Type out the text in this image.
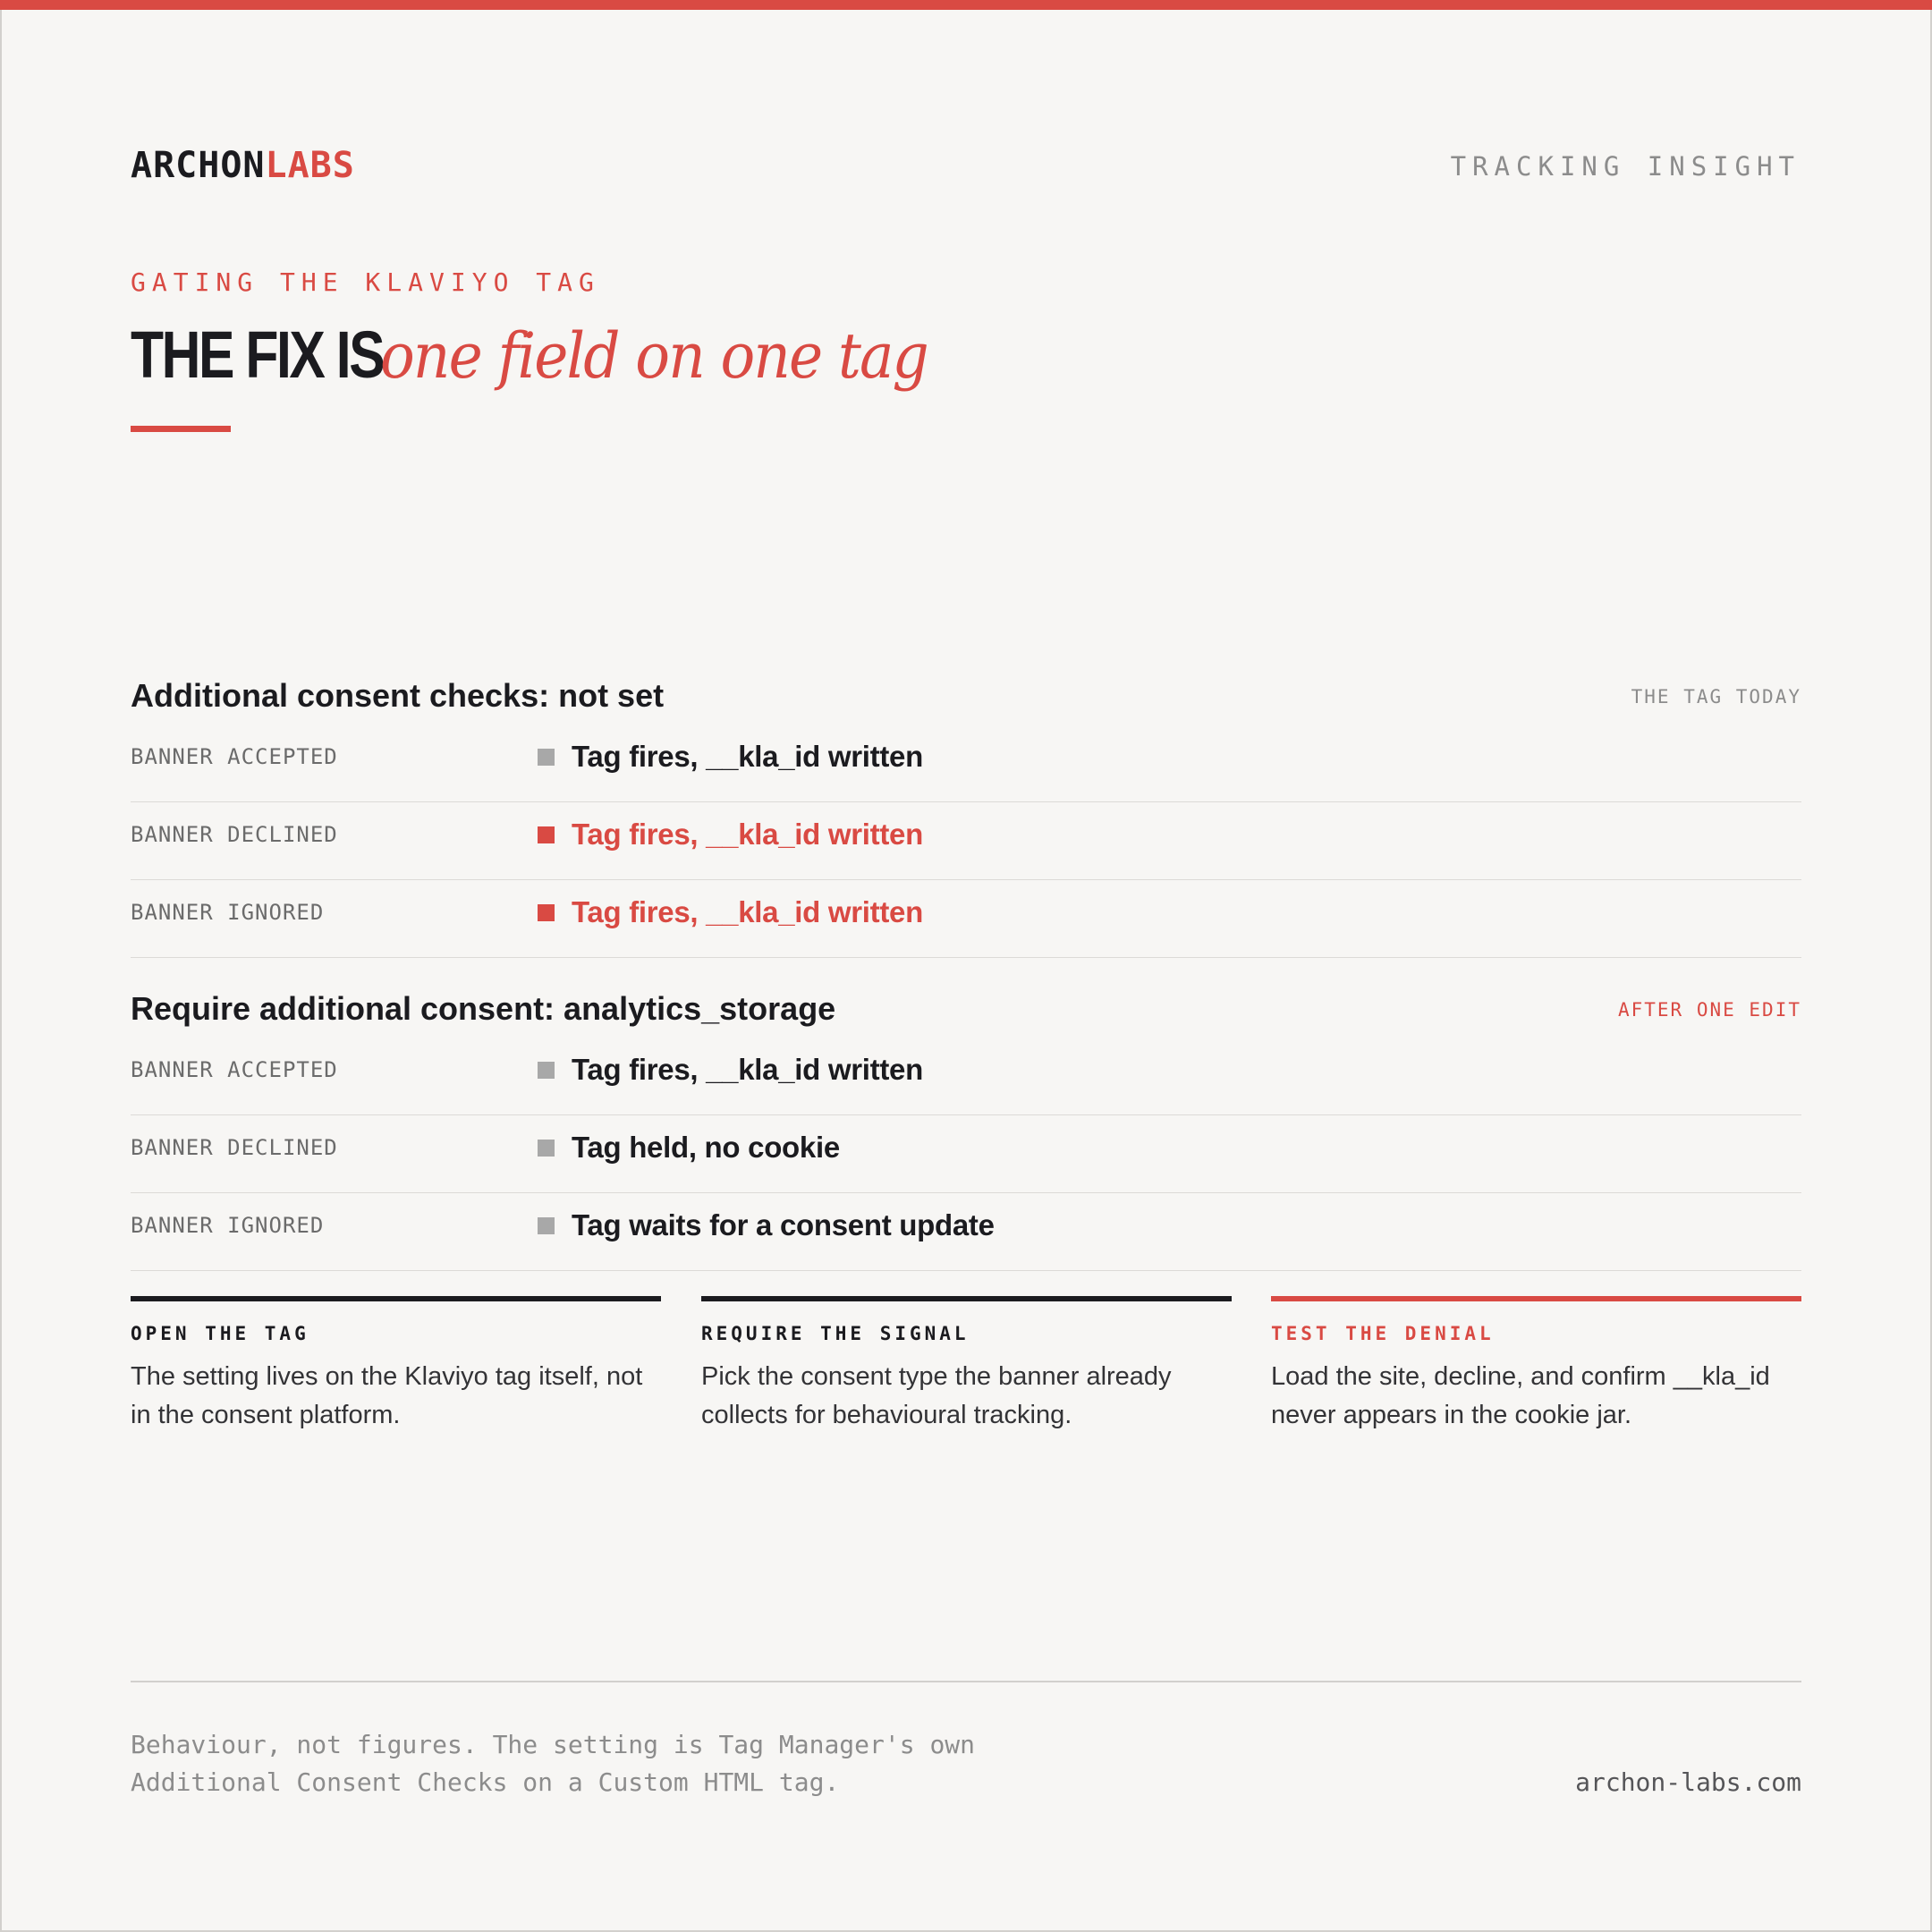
ARCHONLABS	TRACKING INSIGHT
GATING THE KLAVIYO TAG
THE FIX IS one field on one tag
Additional consent checks: not set	THE TAG TODAY
BANNER ACCEPTED	Tag fires, __kla_id written
BANNER DECLINED	Tag fires, __kla_id written
BANNER IGNORED	Tag fires, __kla_id written
Require additional consent: analytics_storage	AFTER ONE EDIT
BANNER ACCEPTED	Tag fires, __kla_id written
BANNER DECLINED	Tag held, no cookie
BANNER IGNORED	Tag waits for a consent update
OPEN THE TAG
The setting lives on the Klaviyo tag itself, not in the consent platform.
REQUIRE THE SIGNAL
Pick the consent type the banner already collects for behavioural tracking.
TEST THE DENIAL
Load the site, decline, and confirm __kla_id never appears in the cookie jar.
Behaviour, not figures. The setting is Tag Manager's own Additional Consent Checks on a Custom HTML tag.	archon-labs.com
